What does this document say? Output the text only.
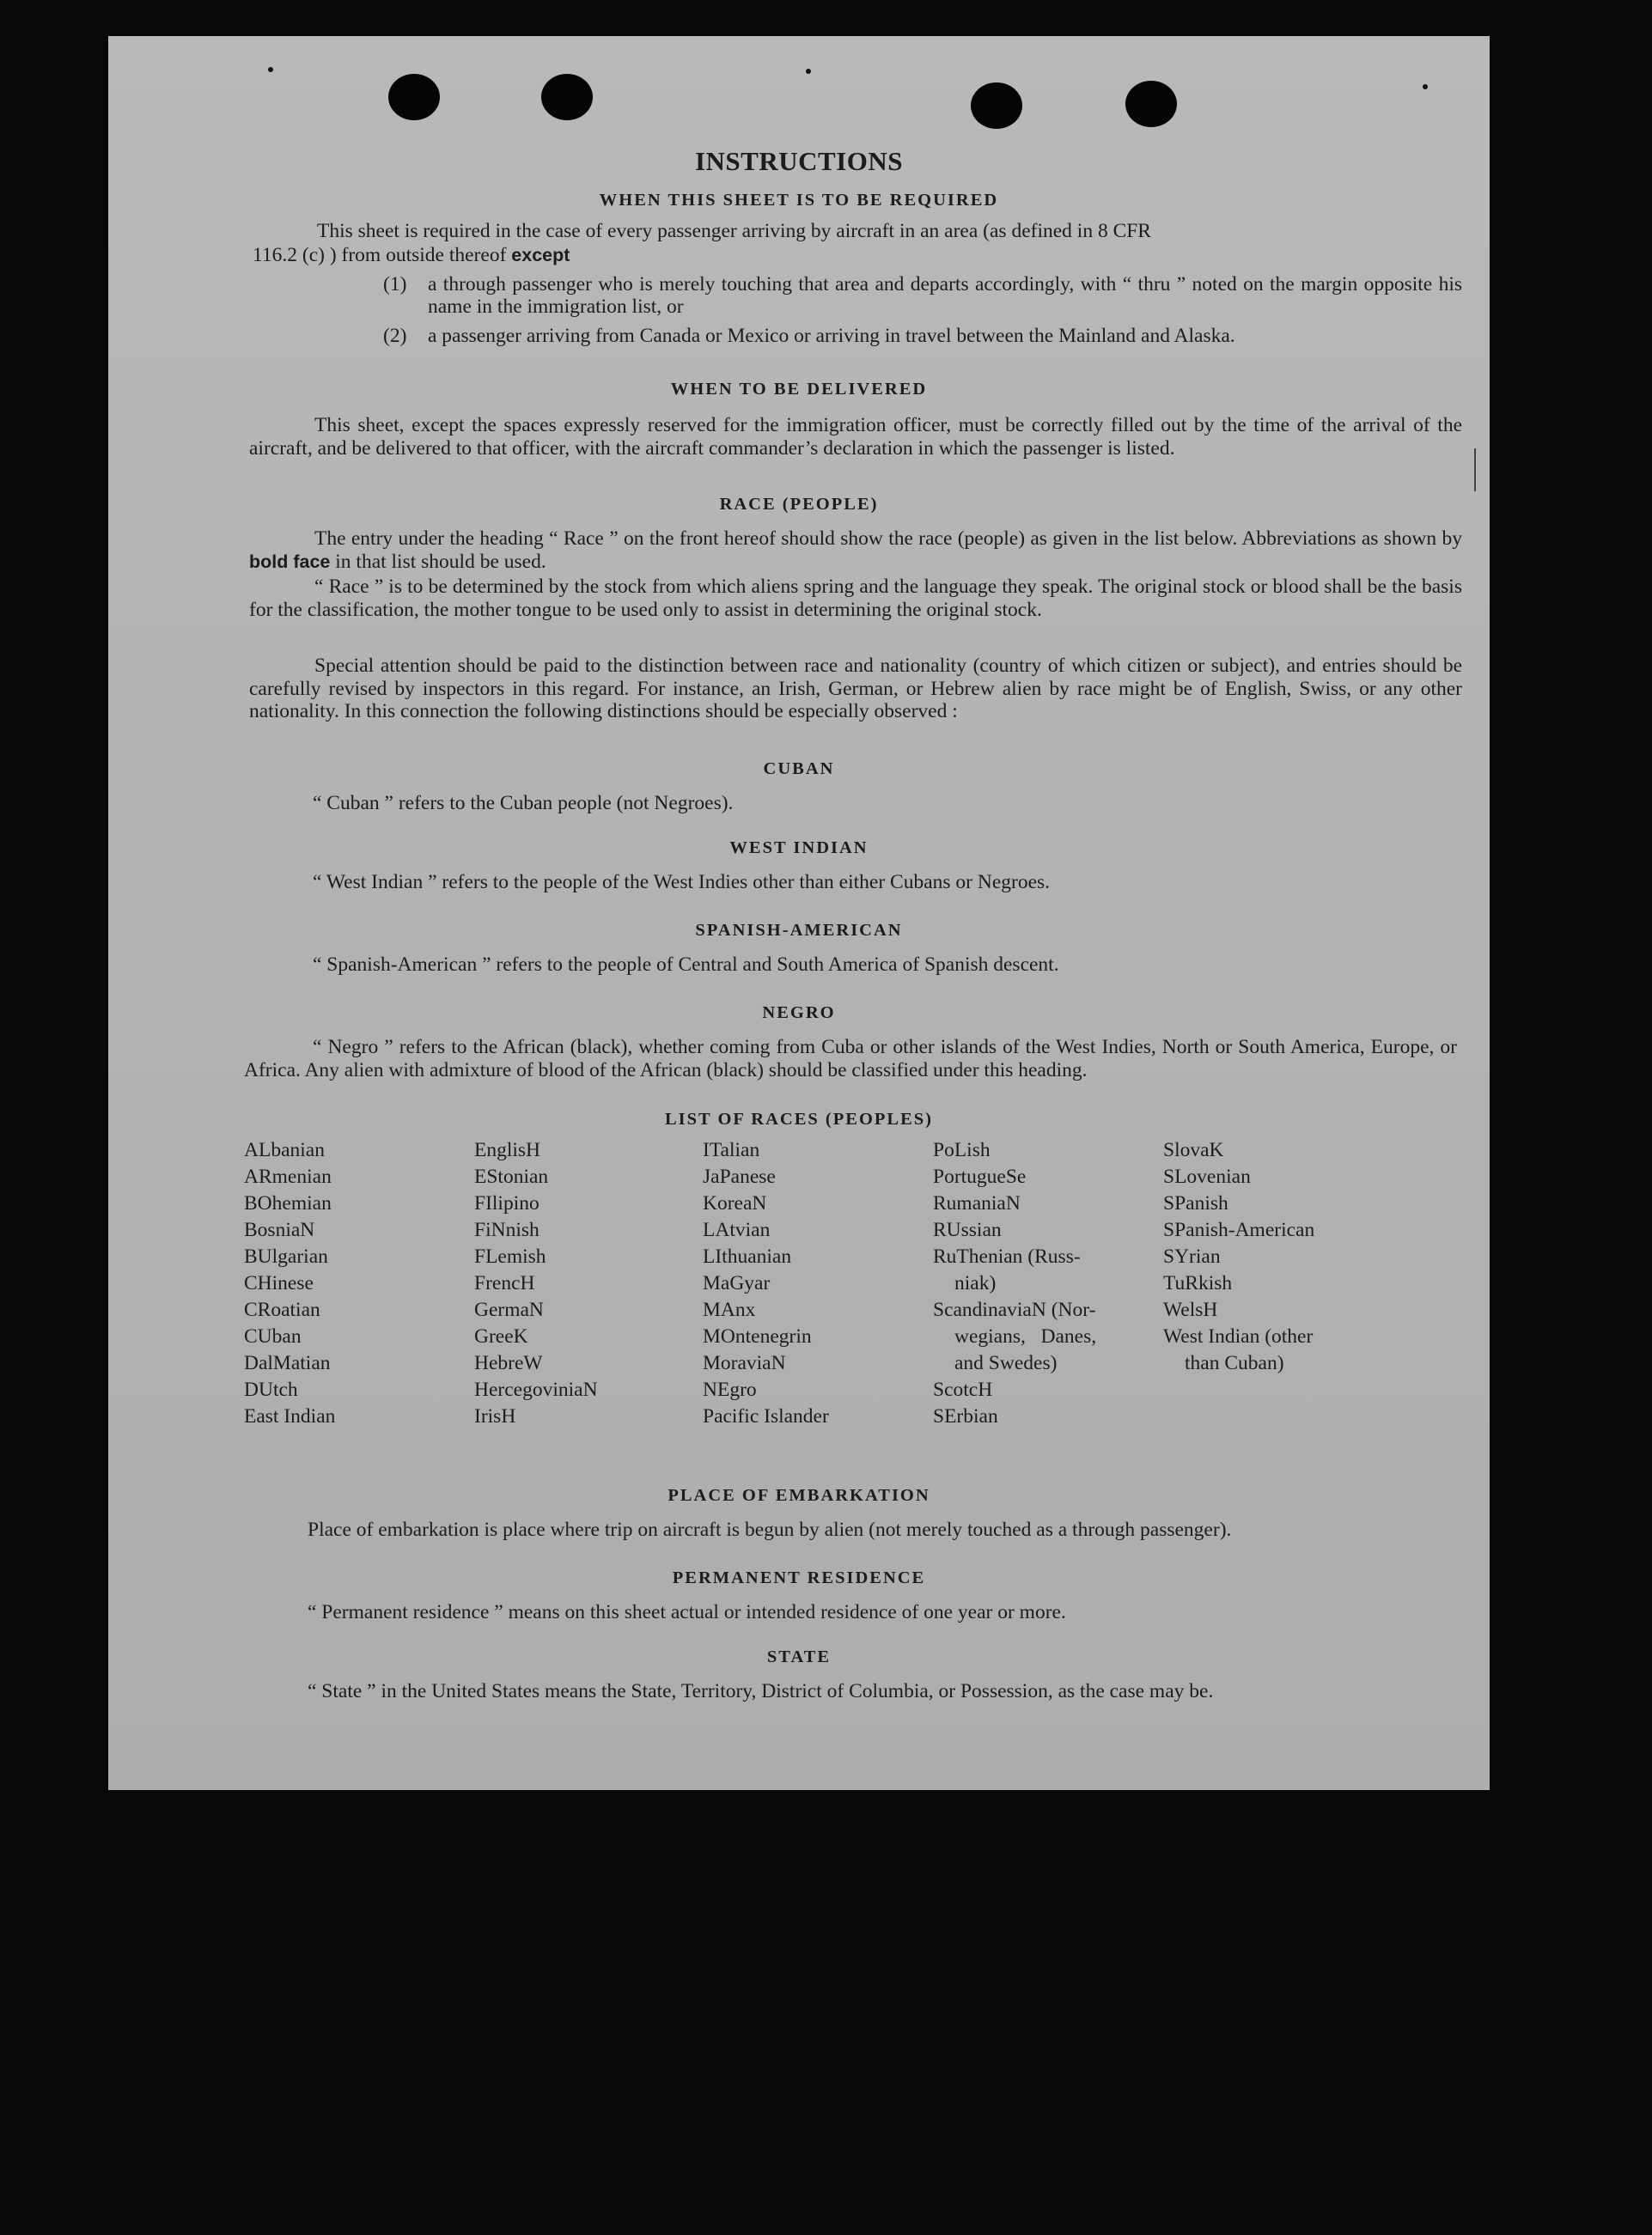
INSTRUCTIONS
WHEN THIS SHEET IS TO BE REQUIRED
This sheet is required in the case of every passenger arriving by aircraft in an area (as defined in 8 CFR
116.2 (c) ) from outside thereof except
(1) a through passenger who is merely touching that area and departs accordingly, with “ thru ” noted on the margin opposite his name in the immigration list, or
(2) a passenger arriving from Canada or Mexico or arriving in travel between the Mainland and Alaska.
WHEN TO BE DELIVERED
This sheet, except the spaces expressly reserved for the immigration officer, must be correctly filled out by the time of the arrival of the aircraft, and be delivered to that officer, with the aircraft commander’s declaration in which the passenger is listed.
RACE (PEOPLE)
The entry under the heading “ Race ” on the front hereof should show the race (people) as given in the list below. Abbreviations as shown by bold face in that list should be used.
“ Race ” is to be determined by the stock from which aliens spring and the language they speak. The original stock or blood shall be the basis for the classification, the mother tongue to be used only to assist in determining the original stock.
Special attention should be paid to the distinction between race and nationality (country of which citizen or subject), and entries should be carefully revised by inspectors in this regard. For instance, an Irish, German, or Hebrew alien by race might be of English, Swiss, or any other nationality. In this connection the following distinctions should be especially observed :
CUBAN
“ Cuban ” refers to the Cuban people (not Negroes).
WEST INDIAN
“ West Indian ” refers to the people of the West Indies other than either Cubans or Negroes.
SPANISH-AMERICAN
“ Spanish-American ” refers to the people of Central and South America of Spanish descent.
NEGRO
“ Negro ” refers to the African (black), whether coming from Cuba or other islands of the West Indies, North or South America, Europe, or Africa. Any alien with admixture of blood of the African (black) should be classified under this heading.
LIST OF RACES (PEOPLES)
ALbanian
ARmenian
BOhemian
BosniaN
BUlgarian
CHinese
CRoatian
CUban
DalMatian
DUtch
East Indian
EnglisH
EStonian
FIlipino
FiNnish
FLemish
FrencH
GermaN
GreeK
HebreW
HercegoviniaN
IrisH
ITalian
JaPanese
KoreaN
LAtvian
LIthuanian
MaGyar
MAnx
MOntenegrin
MoraviaN
NEgro
Pacific Islander
PoLish
PortugueSe
RumaniaN
RUssian
RuThenian (Russ-
niak)
ScandinaviaN (Nor-
wegians,   Danes,
and Swedes)
ScotcH
SErbian
SlovaK
SLovenian
SPanish
SPanish-American
SYrian
TuRkish
WelsH
West Indian (other
than Cuban)
PLACE OF EMBARKATION
Place of embarkation is place where trip on aircraft is begun by alien (not merely touched as a through passenger).
PERMANENT RESIDENCE
“ Permanent residence ” means on this sheet actual or intended residence of one year or more.
STATE
“ State ” in the United States means the State, Territory, District of Columbia, or Possession, as the case may be.
